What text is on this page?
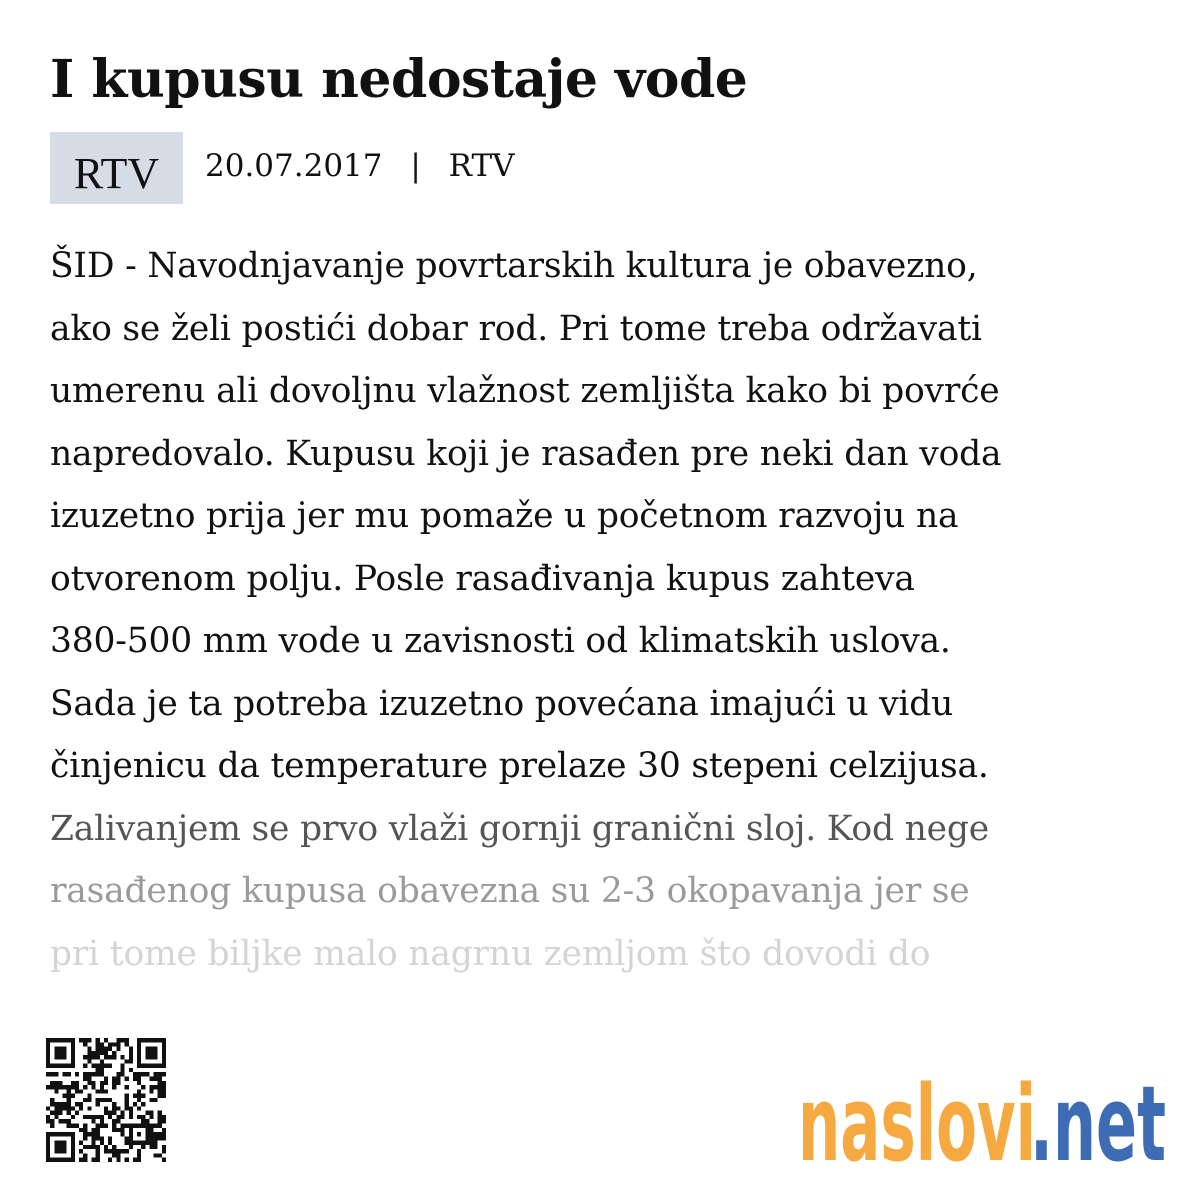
I kupusu nedostaje vode
RTV	20.07.2017 | RTV
ŠID - Navodnjavanje povrtarskih kultura je obavezno,
ako se želi postići dobar rod. Pri tome treba održavati
umerenu ali dovoljnu vlažnost zemljišta kako bi povrće
napredovalo. Kupusu koji je rasađen pre neki dan voda
izuzetno prija jer mu pomaže u početnom razvoju na
otvorenom polju. Posle rasađivanja kupus zahteva
380-500 mm vode u zavisnosti od klimatskih uslova.
Sada je ta potreba izuzetno povećana imajući u vidu
činjenicu da temperature prelaze 30 stepeni celzijusa.
Zalivanjem se prvo vlaži gornji granični sloj. Kod nege
rasađenog kupusa obavezna su 2-3 okopavanja jer se
pri tome biljke malo nagrnu zemljom što dovodi do
naslovi
.net
